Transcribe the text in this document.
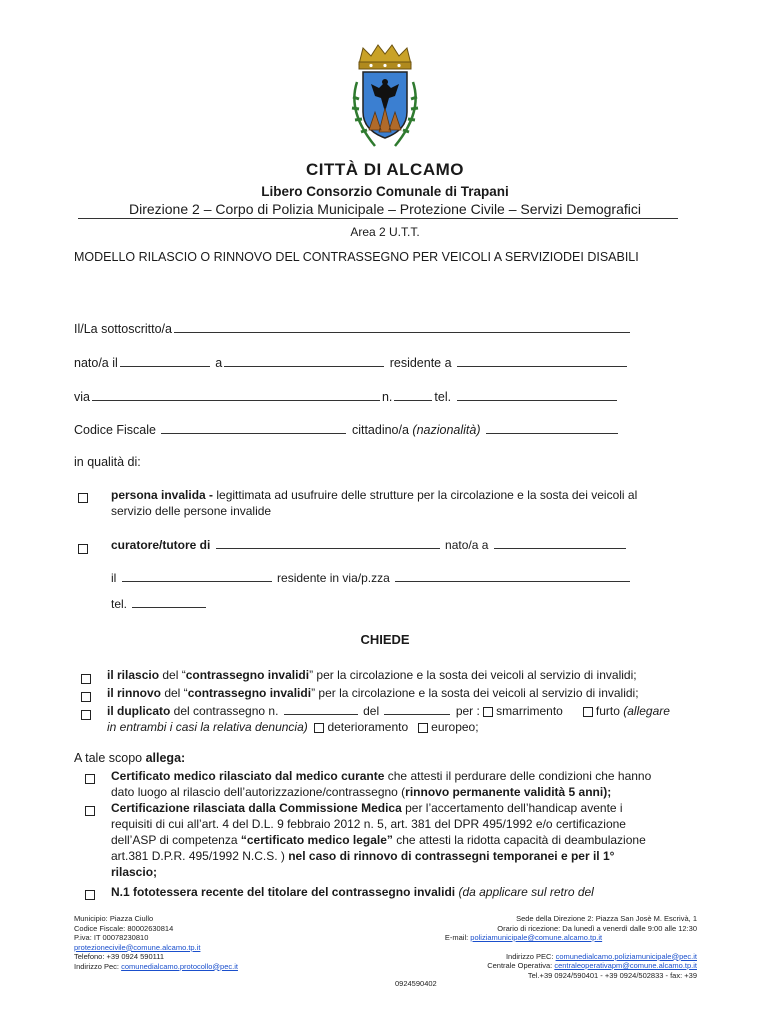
CITTÀ DI ALCAMO
Libero Consorzio Comunale di Trapani
Direzione 2 – Corpo di Polizia Municipale – Protezione Civile – Servizi Demografici
Area 2 U.T.T.
MODELLO RILASCIO O RINNOVO DEL CONTRASSEGNO PER VEICOLI A SERVIZIODEI DISABILI
Il/La sottoscritto/a
nato/a il	a	residente a
via	n.	tel.
Codice Fiscale	cittadino/a (nazionalità)
in qualità di:
persona invalida - legittimata ad usufruire delle strutture per la circolazione e la sosta dei veicoli al
servizio delle persone invalide
curatore/tutore di	nato/a a
il	residente in via/p.zza
tel.
CHIEDE
il rilascio del “contrassegno invalidi” per la circolazione e la sosta dei veicoli al servizio di invalidi;
il rinnovo del “contrassegno invalidi” per la circolazione e la sosta dei veicoli al servizio di invalidi;
il duplicato del contrassegno n.	del	per : smarrimento	furto (allegare
in entrambi i casi la relativa denuncia) deterioramento europeo;
A tale scopo allega:
Certificato medico rilasciato dal medico curante che attesti il perdurare delle condizioni che hanno
dato luogo al rilascio dell’autorizzazione/contrassegno (rinnovo permanente validità 5 anni);
Certificazione rilasciata dalla Commissione Medica per l’accertamento dell’handicap avente i
requisiti di cui all’art. 4 del D.L. 9 febbraio 2012 n. 5, art. 381 del DPR 495/1992 e/o certificazione
dell’ASP di competenza “certificato medico legale” che attesti la ridotta capacità di deambulazione
art.381 D.P.R. 495/1992 N.C.S. ) nel caso di rinnovo di contrassegni temporanei e per il 1°
rilascio;
N.1 fototessera recente del titolare del contrassegno invalidi (da applicare sul retro del
Municipio: Piazza Ciullo
Codice Fiscale: 80002630814
P.iva: IT 00078230810
protezionecivile@comune.alcamo.tp.it
Telefono: +39 0924 590111
Indirizzo Pec: comunedialcamo.protocollo@pec.it
Sede della Direzione 2: Piazza San Josè M. Escrivà, 1
Orario di ricezione: Da lunedì a venerdì dalle 9:00 alle 12:30
E-mail: poliziamunicipale@comune.alcamo.tp.it
Indirizzo PEC: comunedialcamo.poliziamunicipale@pec.it
Centrale Operativa: centraleoperativapm@comune.alcamo.tp.it
Tel.+39 0924/590401 - +39 0924/502833 - fax: +39
0924590402
